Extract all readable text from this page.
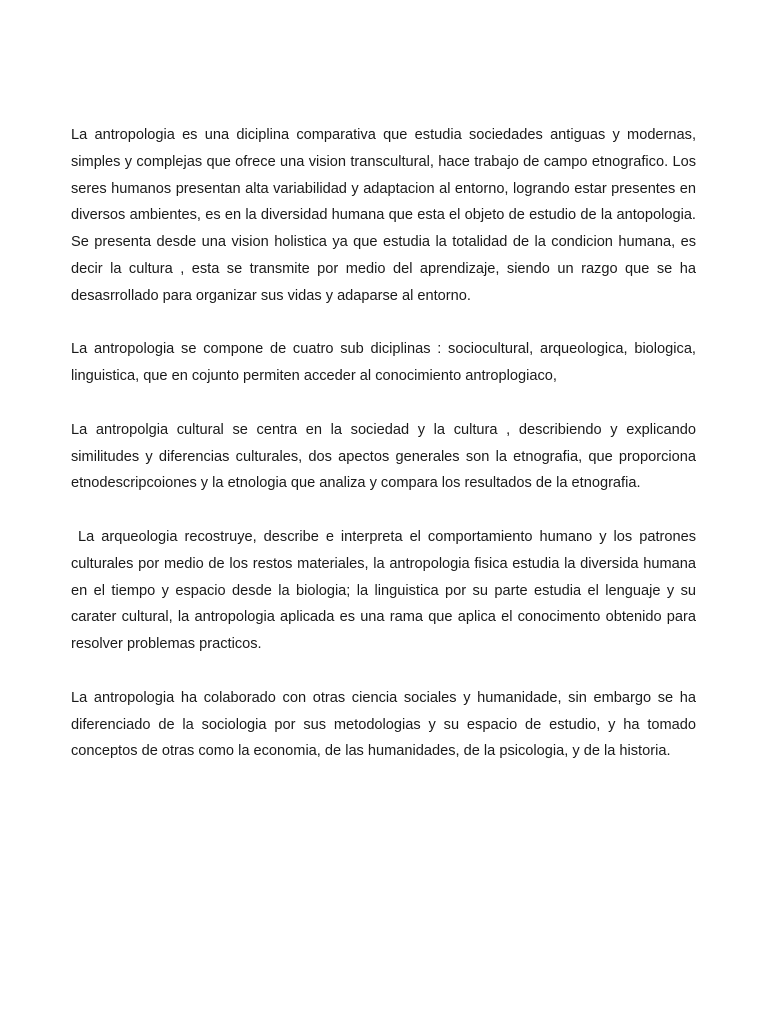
La antropologia es una diciplina comparativa que estudia sociedades antiguas y modernas, simples y complejas que ofrece una vision transcultural, hace trabajo de campo etnografico. Los seres humanos presentan alta variabilidad y adaptacion al entorno, logrando estar presentes en diversos ambientes, es en la diversidad humana que esta el objeto de estudio de la antopologia. Se presenta desde una vision holistica ya que estudia la totalidad de la condicion humana, es decir la cultura , esta se transmite por medio del aprendizaje, siendo un razgo que se ha desasrrollado para organizar sus vidas y adaparse al entorno.

La antropologia se compone de cuatro sub diciplinas : sociocultural, arqueologica, biologica, linguistica, que en cojunto permiten acceder al conocimiento antroplogiaco,

La antropolgia cultural se centra en la sociedad y la cultura , describiendo y explicando similitudes y diferencias culturales, dos apectos generales son la etnografia, que proporciona etnodescripcoiones y la etnologia que analiza y compara los resultados de la etnografia.

La arqueologia recostruye, describe e interpreta el comportamiento humano y los patrones culturales por medio de los restos materiales, la antropologia fisica estudia la diversida humana en el tiempo y espacio desde la biologia; la linguistica por su parte estudia el lenguaje y su carater cultural, la antropologia aplicada es una rama que aplica el conocimento obtenido para resolver problemas practicos.

La antropologia ha colaborado con otras ciencia sociales y humanidade, sin embargo se ha diferenciado de la sociologia por sus metodologias y su espacio de estudio, y ha tomado conceptos de otras como la economia, de las humanidades, de la psicologia, y de la historia.
